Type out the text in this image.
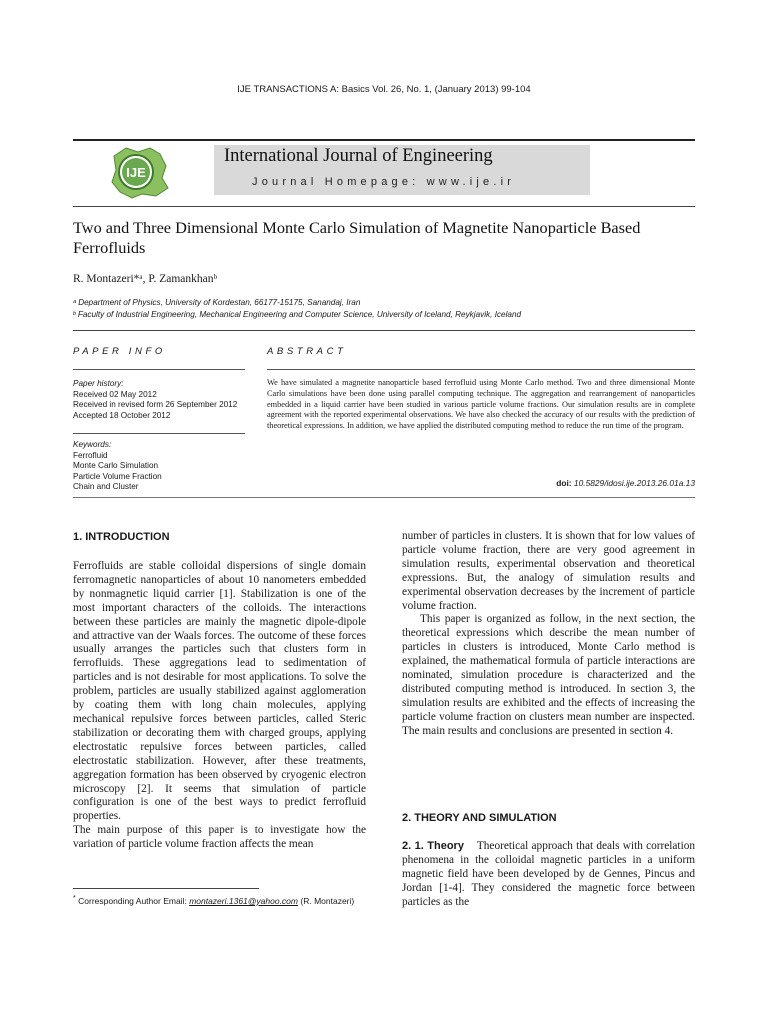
IJE TRANSACTIONS A: Basics Vol. 26, No. 1, (January 2013) 99-104
IJE
International Journal of Engineering
Journal Homepage: www.ije.ir
Two and Three Dimensional Monte Carlo Simulation of Magnetite Nanoparticle Based Ferrofluids
R. Montazeri*ᵃ, P. Zamankhanᵇ
ᵃ Department of Physics, University of Kordestan, 66177-15175, Sanandaj, Iran
ᵇ Faculty of Industrial Engineering, Mechanical Engineering and Computer Science, University of Iceland, Reykjavik, Iceland
PAPER INFO	ABSTRACT
Paper history:
Received 02 May 2012
Received in revised form 26 September 2012
Accepted 18 October 2012
Keywords:
Ferrofluid
Monte Carlo Simulation
Particle Volume Fraction
Chain and Cluster
We have simulated a magnetite nanoparticle based ferrofluid using Monte Carlo method. Two and three dimensional Monte Carlo simulations have been done using parallel computing technique. The aggregation and rearrangement of nanoparticles embedded in a liquid carrier have been studied in various particle volume fractions. Our simulation results are in complete agreement with the reported experimental observations. We have also checked the accuracy of our results with the prediction of theoretical expressions. In addition, we have applied the distributed computing method to reduce the run time of the program.
doi: 10.5829/idosi.ije.2013.26.01a.13
1. INTRODUCTION

Ferrofluids are stable colloidal dispersions of single domain ferromagnetic nanoparticles of about 10 nanometers embedded by nonmagnetic liquid carrier [1]. Stabilization is one of the most important characters of the colloids. The interactions between these particles are mainly the magnetic dipole-dipole and attractive van der Waals forces. The outcome of these forces usually arranges the particles such that clusters form in ferrofluids. These aggregations lead to sedimentation of particles and is not desirable for most applications. To solve the problem, particles are usually stabilized against agglomeration by coating them with long chain molecules, applying mechanical repulsive forces between particles, called Steric stabilization or decorating them with charged groups, applying electrostatic repulsive forces between particles, called electrostatic stabilization. However, after these treatments, aggregation formation has been observed by cryogenic electron microscopy [2]. It seems that simulation of particle configuration is one of the best ways to predict ferrofluid properties.

The main purpose of this paper is to investigate how the variation of particle volume fraction affects the mean

number of particles in clusters. It is shown that for low values of particle volume fraction, there are very good agreement in simulation results, experimental observation and theoretical expressions. But, the analogy of simulation results and experimental observation decreases by the increment of particle volume fraction.

This paper is organized as follow, in the next section, the theoretical expressions which describe the mean number of particles in clusters is introduced, Monte Carlo method is explained, the mathematical formula of particle interactions are nominated, simulation procedure is characterized and the distributed computing method is introduced. In section 3, the simulation results are exhibited and the effects of increasing the particle volume fraction on clusters mean number are inspected. The main results and conclusions are presented in section 4.

2. THEORY AND SIMULATION
2. 1. Theory Theoretical approach that deals with correlation phenomena in the colloidal magnetic particles in a uniform magnetic field have been developed by de Gennes, Pincus and Jordan [1-4]. They considered the magnetic force between particles as the
* Corresponding Author Email: montazeri.1361@yahoo.com (R. Montazeri)
